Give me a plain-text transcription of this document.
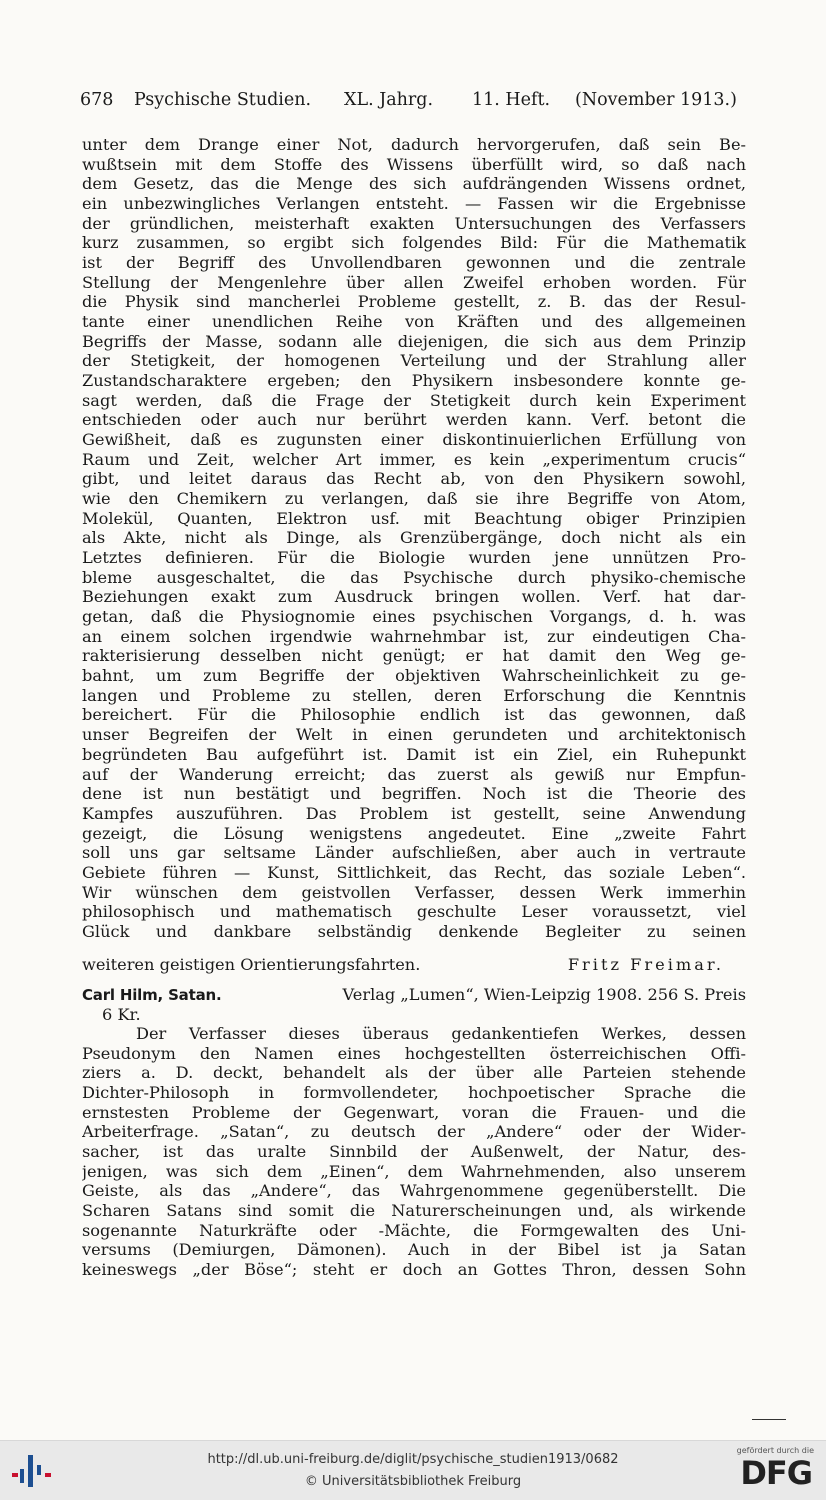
678 Psychische Studien. XL. Jahrg. 11. Heft. (November 1913.)
unter dem Drange einer Not, dadurch hervorgerufen, daß sein Be-
wußtsein mit dem Stoffe des Wissens überfüllt wird, so daß nach
dem Gesetz, das die Menge des sich aufdrängenden Wissens ordnet,
ein unbezwingliches Verlangen entsteht. — Fassen wir die Ergebnisse
der gründlichen, meisterhaft exakten Untersuchungen des Verfassers
kurz zusammen, so ergibt sich folgendes Bild: Für die Mathematik
ist der Begriff des Unvollendbaren gewonnen und die zentrale
Stellung der Mengenlehre über allen Zweifel erhoben worden. Für
die Physik sind mancherlei Probleme gestellt, z. B. das der Resul-
tante einer unendlichen Reihe von Kräften und des allgemeinen
Begriffs der Masse, sodann alle diejenigen, die sich aus dem Prinzip
der Stetigkeit, der homogenen Verteilung und der Strahlung aller
Zustandscharaktere ergeben; den Physikern insbesondere konnte ge-
sagt werden, daß die Frage der Stetigkeit durch kein Experiment
entschieden oder auch nur berührt werden kann. Verf. betont die
Gewißheit, daß es zugunsten einer diskontinuierlichen Erfüllung von
Raum und Zeit, welcher Art immer, es kein „experimentum crucis“
gibt, und leitet daraus das Recht ab, von den Physikern sowohl,
wie den Chemikern zu verlangen, daß sie ihre Begriffe von Atom,
Molekül, Quanten, Elektron usf. mit Beachtung obiger Prinzipien
als Akte, nicht als Dinge, als Grenzübergänge, doch nicht als ein
Letztes definieren. Für die Biologie wurden jene unnützen Pro-
bleme ausgeschaltet, die das Psychische durch physiko-chemische
Beziehungen exakt zum Ausdruck bringen wollen. Verf. hat dar-
getan, daß die Physiognomie eines psychischen Vorgangs, d. h. was
an einem solchen irgendwie wahrnehmbar ist, zur eindeutigen Cha-
rakterisierung desselben nicht genügt; er hat damit den Weg ge-
bahnt, um zum Begriffe der objektiven Wahrscheinlichkeit zu ge-
langen und Probleme zu stellen, deren Erforschung die Kenntnis
bereichert. Für die Philosophie endlich ist das gewonnen, daß
unser Begreifen der Welt in einen gerundeten und architektonisch
begründeten Bau aufgeführt ist. Damit ist ein Ziel, ein Ruhepunkt
auf der Wanderung erreicht; das zuerst als gewiß nur Empfun-
dene ist nun bestätigt und begriffen. Noch ist die Theorie des
Kampfes auszuführen. Das Problem ist gestellt, seine Anwendung
gezeigt, die Lösung wenigstens angedeutet. Eine „zweite Fahrt
soll uns gar seltsame Länder aufschließen, aber auch in vertraute
Gebiete führen — Kunst, Sittlichkeit, das Recht, das soziale Leben“.
Wir wünschen dem geistvollen Verfasser, dessen Werk immerhin
philosophisch und mathematisch geschulte Leser voraussetzt, viel
Glück und dankbare selbständig denkende Begleiter zu seinen
weiteren geistigen Orientierungsfahrten.	Fritz Freimar.
Carl Hilm, Satan.	Verlag „Lumen“, Wien-Leipzig 1908. 256 S. Preis
6 Kr.
Der Verfasser dieses überaus gedankentiefen Werkes, dessen
Pseudonym den Namen eines hochgestellten österreichischen Offi-
ziers a. D. deckt, behandelt als der über alle Parteien stehende
Dichter-Philosoph in formvollendeter, hochpoetischer Sprache die
ernstesten Probleme der Gegenwart, voran die Frauen- und die
Arbeiterfrage. „Satan“, zu deutsch der „Andere“ oder der Wider-
sacher, ist das uralte Sinnbild der Außenwelt, der Natur, des-
jenigen, was sich dem „Einen“, dem Wahrnehmenden, also unserem
Geiste, als das „Andere“, das Wahrgenommene gegenüberstellt. Die
Scharen Satans sind somit die Naturerscheinungen und, als wirkende
sogenannte Naturkräfte oder -Mächte, die Formgewalten des Uni-
versums (Demiurgen, Dämonen). Auch in der Bibel ist ja Satan
keineswegs „der Böse“; steht er doch an Gottes Thron, dessen Sohn
http://dl.ub.uni-freiburg.de/diglit/psychische_studien1913/0682
© Universitätsbibliothek Freiburg
gefördert durch die
DFG
